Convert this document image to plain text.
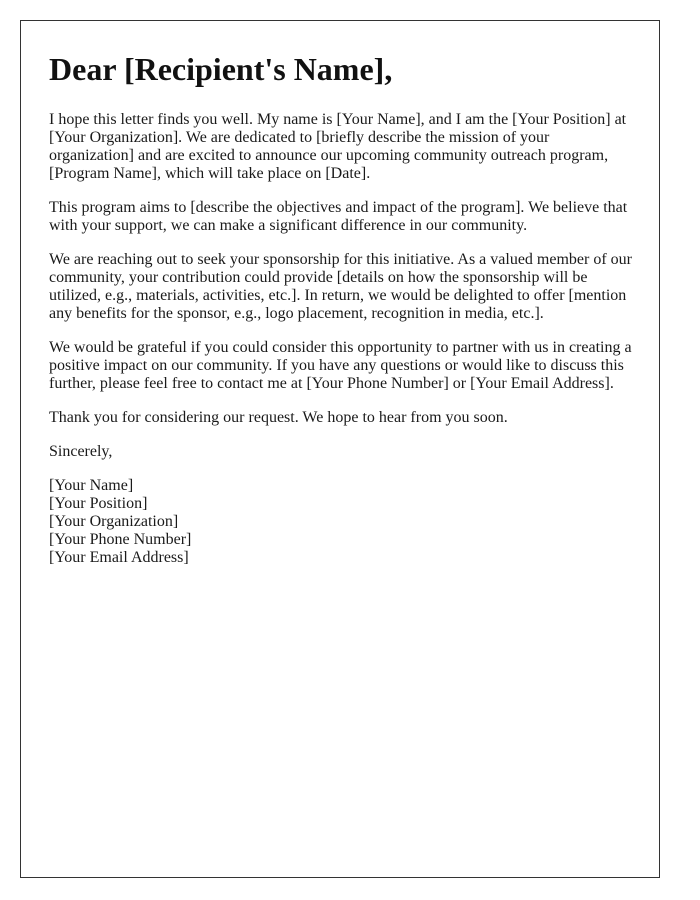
Dear [Recipient's Name],

I hope this letter finds you well. My name is [Your Name], and I am the [Your Position] at [Your Organization]. We are dedicated to [briefly describe the mission of your organization] and are excited to announce our upcoming community outreach program, [Program Name], which will take place on [Date].

This program aims to [describe the objectives and impact of the program]. We believe that with your support, we can make a significant difference in our community.

We are reaching out to seek your sponsorship for this initiative. As a valued member of our community, your contribution could provide [details on how the sponsorship will be utilized, e.g., materials, activities, etc.]. In return, we would be delighted to offer [mention any benefits for the sponsor, e.g., logo placement, recognition in media, etc.].

We would be grateful if you could consider this opportunity to partner with us in creating a positive impact on our community. If you have any questions or would like to discuss this further, please feel free to contact me at [Your Phone Number] or [Your Email Address].

Thank you for considering our request. We hope to hear from you soon.

Sincerely,

[Your Name]
[Your Position]
[Your Organization]
[Your Phone Number]
[Your Email Address]
